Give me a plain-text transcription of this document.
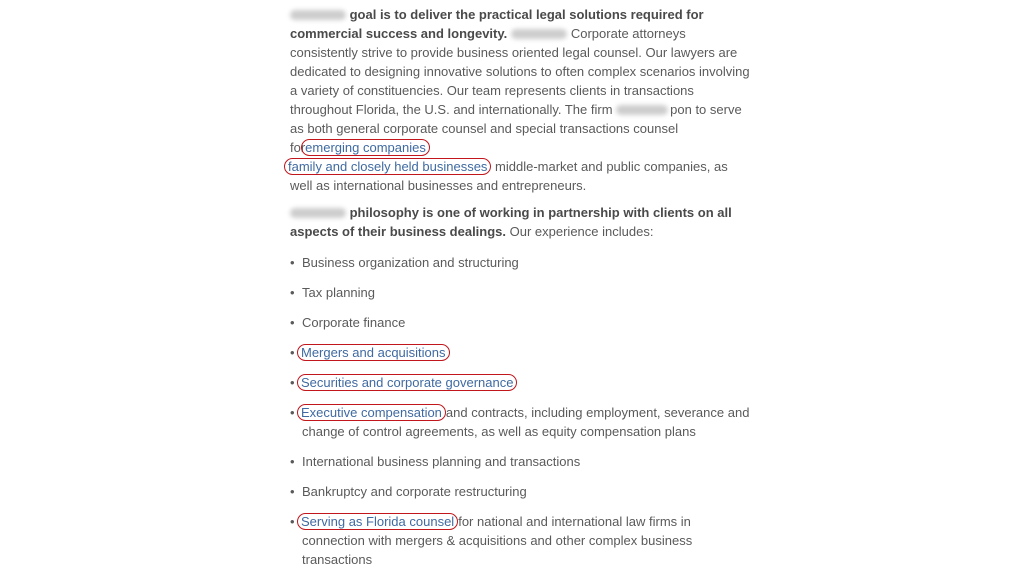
goal is to deliver the practical legal solutions required for commercial success and longevity.	Corporate attorneys consistently strive to provide business oriented legal counsel. Our lawyers are dedicated to designing innovative solutions to often complex scenarios involving a variety of constituencies. Our team represents clients in transactions throughout Florida, the U.S. and internationally. The firm	pon to serve as both general corporate counsel and special transactions counsel foremerging companies
family and closely held businesses middle-market and public companies, as well as international businesses and entrepreneurs.

philosophy is one of working in partnership with clients on all aspects of their business dealings. Our experience includes:

• Business organization and structuring
• Tax planning
• Corporate finance
• Mergers and acquisitions
• Securities and corporate governance
• Executive compensation and contracts, including employment, severance and change of control agreements, as well as equity compensation plans
• International business planning and transactions
• Bankruptcy and corporate restructuring
• Serving as Florida counsel for national and international law firms in connection with mergers & acquisitions and other complex business transactions
